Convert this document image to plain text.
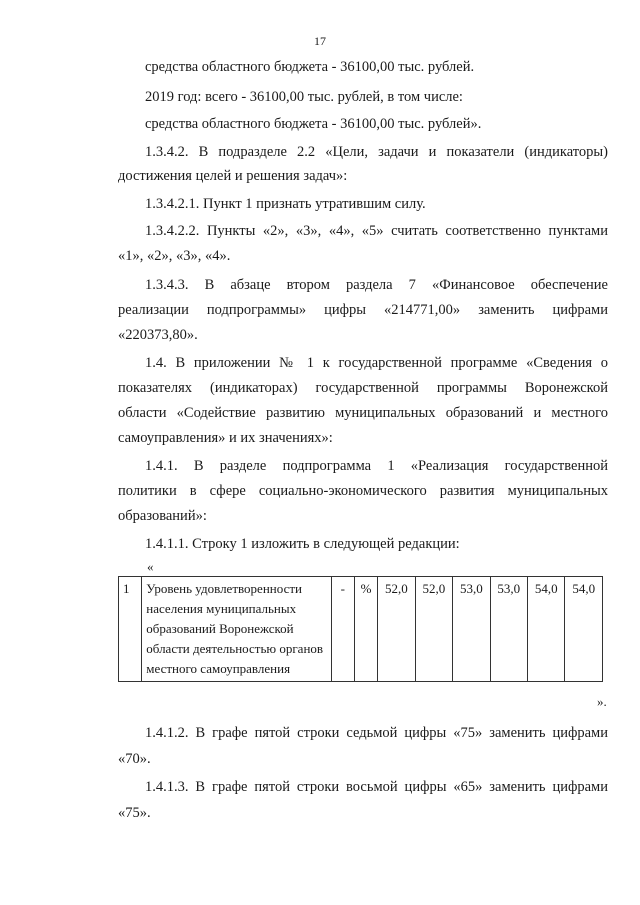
17

средства областного бюджета - 36100,00 тыс. рублей.

2019 год: всего - 36100,00 тыс. рублей, в том числе:

средства областного бюджета - 36100,00 тыс. рублей».

1.3.4.2. В подразделе 2.2 «Цели, задачи и показатели (индикаторы)

достижения целей и решения задач»:

1.3.4.2.1. Пункт 1 признать утратившим силу.

1.3.4.2.2. Пункты «2», «3», «4», «5» считать соответственно пунктами

«1», «2», «3», «4».

1.3.4.3. В абзаце втором раздела 7 «Финансовое обеспечение

реализации подпрограммы» цифры «214771,00» заменить цифрами

«220373,80».

1.4. В приложении № 1 к государственной программе «Сведения о

показателях (индикаторах) государственной программы Воронежской

области «Содействие развитию муниципальных образований и местного

самоуправления» и их значениях»:

1.4.1. В разделе подпрограмма 1 «Реализация государственной

политики в сфере социально-экономического развития муниципальных

образований»:

1.4.1.1. Строку 1 изложить в следующей редакции:

«
1	Уровень удовлетворенности населения муниципальных образований Воронежской области деятельностью органов местного самоуправления	-	%	52,0	52,0	53,0	53,0	54,0	54,0
».

1.4.1.2. В графе пятой строки седьмой цифры «75» заменить цифрами

«70».

1.4.1.3. В графе пятой строки восьмой цифры «65» заменить цифрами

«75».
